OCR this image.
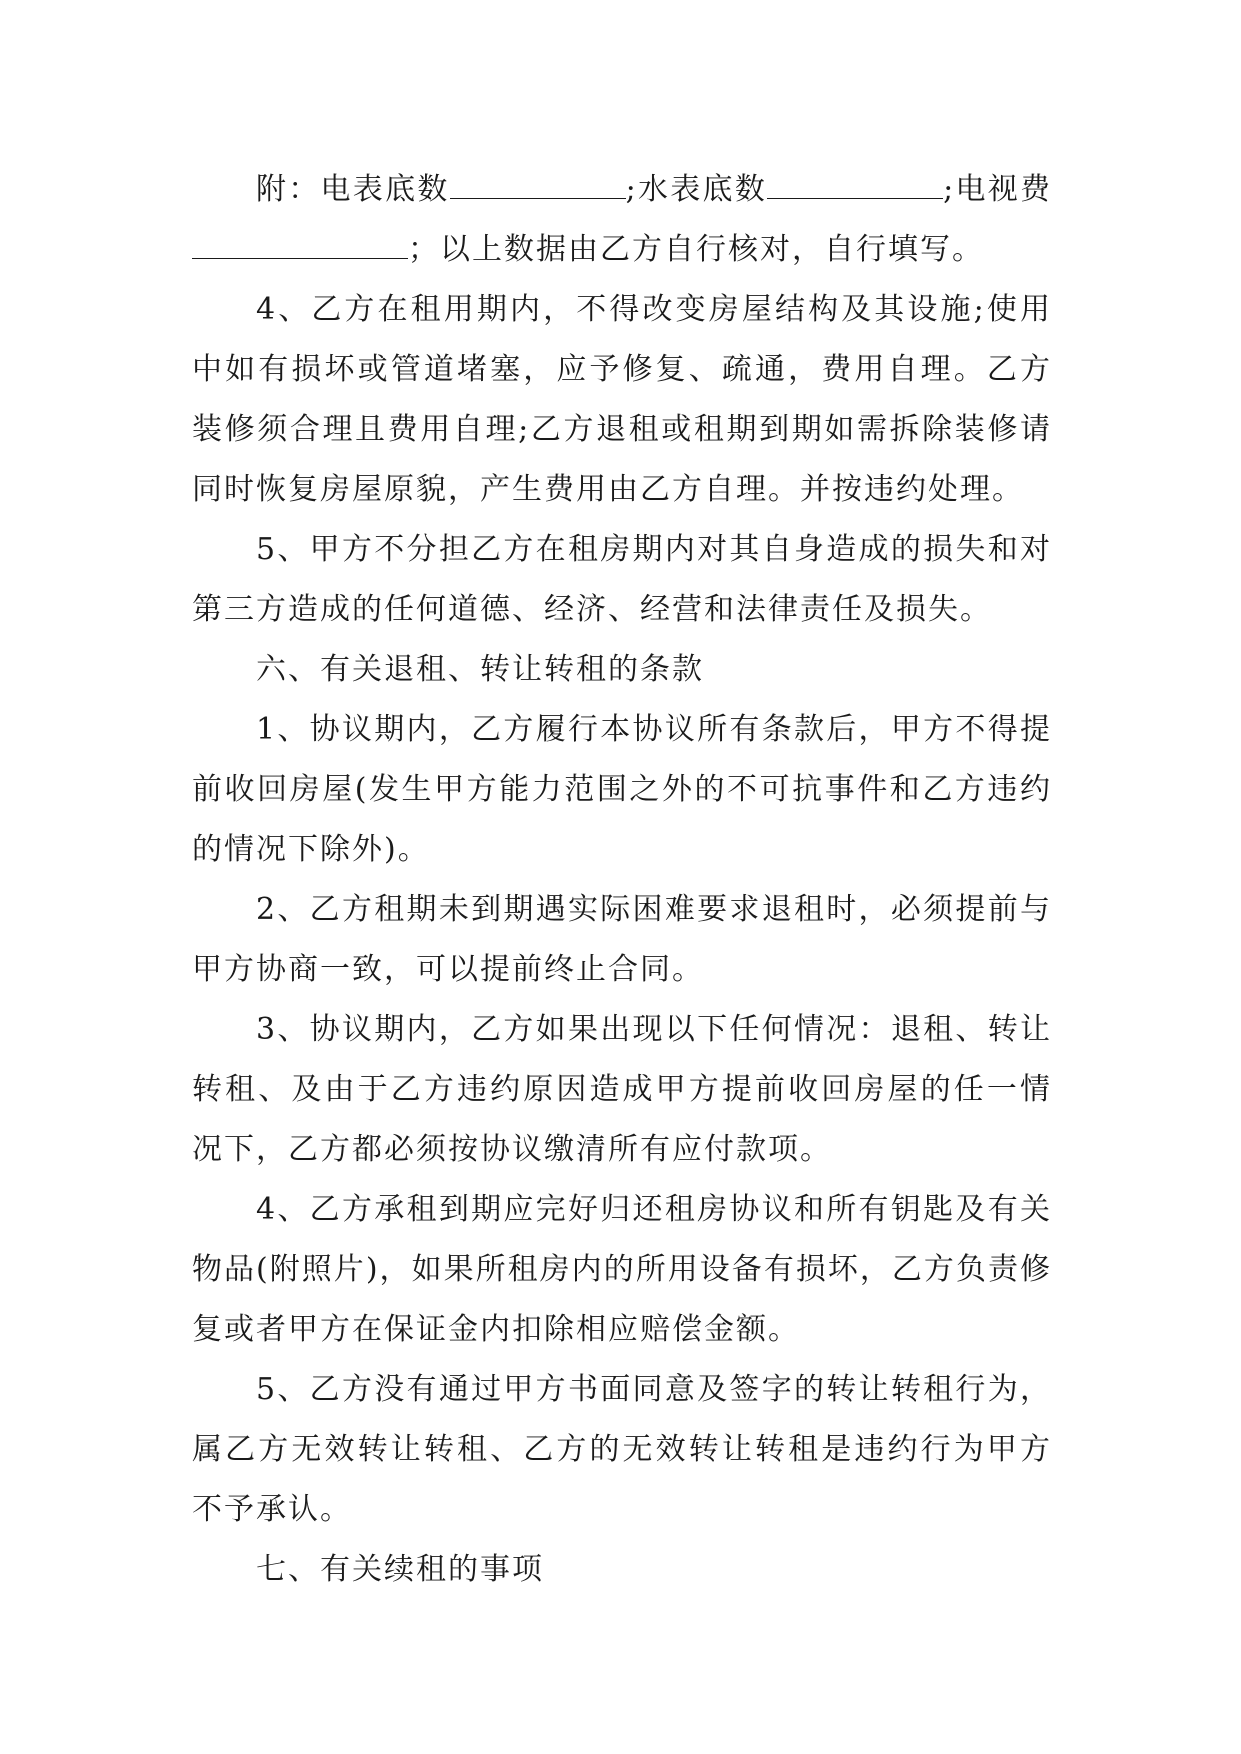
附：电表底数	;水表底数	;电视费；以上数据由乙方自行核对，自行填写。

4、乙方在租用期内，不得改变房屋结构及其设施;使用中如有损坏或管道堵塞，应予修复、疏通，费用自理。乙方装修须合理且费用自理;乙方退租或租期到期如需拆除装修请同时恢复房屋原貌，产生费用由乙方自理。并按违约处理。

5、甲方不分担乙方在租房期内对其自身造成的损失和对第三方造成的任何道德、经济、经营和法律责任及损失。

六、有关退租、转让转租的条款

1、协议期内，乙方履行本协议所有条款后，甲方不得提前收回房屋(发生甲方能力范围之外的不可抗事件和乙方违约的情况下除外)。

2、乙方租期未到期遇实际困难要求退租时，必须提前与甲方协商一致，可以提前终止合同。

3、协议期内，乙方如果出现以下任何情况：退租、转让转租、及由于乙方违约原因造成甲方提前收回房屋的任一情况下，乙方都必须按协议缴清所有应付款项。

4、乙方承租到期应完好归还租房协议和所有钥匙及有关物品(附照片)，如果所租房内的所用设备有损坏，乙方负责修复或者甲方在保证金内扣除相应赔偿金额。

5、乙方没有通过甲方书面同意及签字的转让转租行为，属乙方无效转让转租、乙方的无效转让转租是违约行为甲方不予承认。

七、有关续租的事项
